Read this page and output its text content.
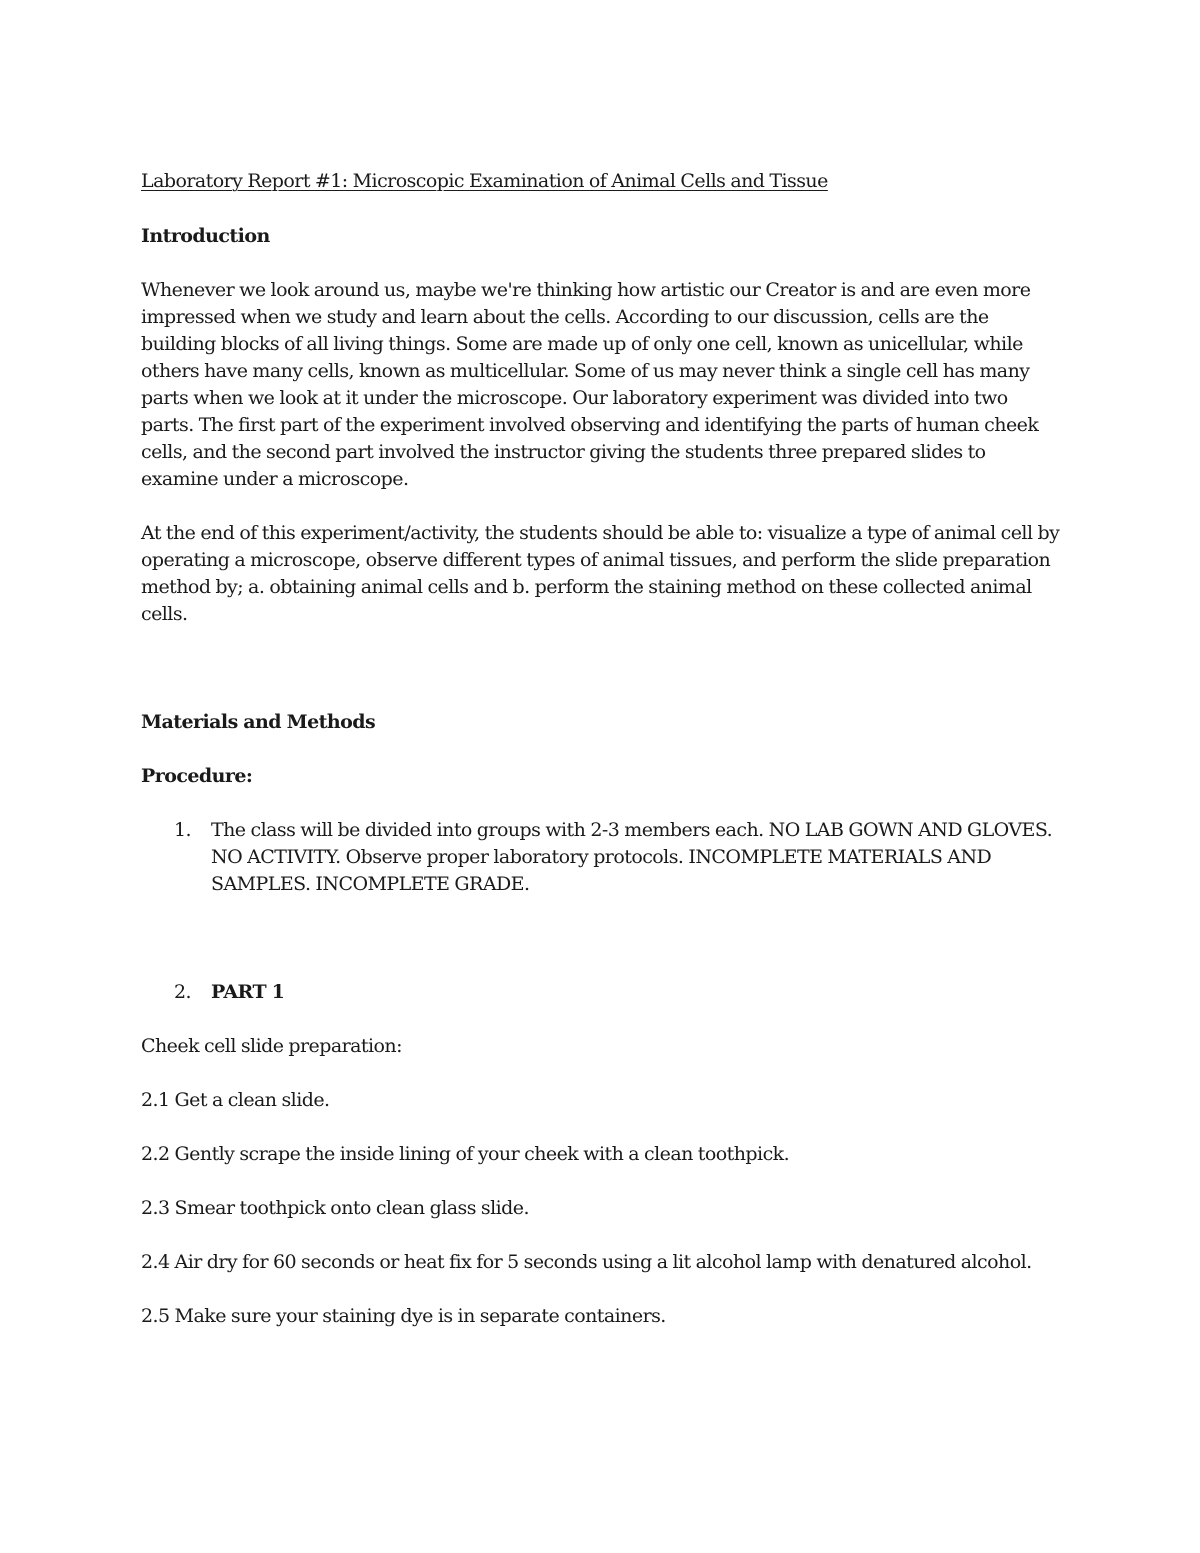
Laboratory Report #1: Microscopic Examination of Animal Cells and Tissue

Introduction

Whenever we look around us, maybe we're thinking how artistic our Creator is and are even more impressed when we study and learn about the cells. According to our discussion, cells are the building blocks of all living things. Some are made up of only one cell, known as unicellular, while others have many cells, known as multicellular. Some of us may never think a single cell has many parts when we look at it under the microscope. Our laboratory experiment was divided into two parts. The first part of the experiment involved observing and identifying the parts of human cheek cells, and the second part involved the instructor giving the students three prepared slides to examine under a microscope.

At the end of this experiment/activity, the students should be able to: visualize a type of animal cell by operating a microscope, observe different types of animal tissues, and perform the slide preparation method by; a. obtaining animal cells and b. perform the staining method on these collected animal cells.

Materials and Methods

Procedure:

1. The class will be divided into groups with 2-3 members each. NO LAB GOWN AND GLOVES. NO ACTIVITY. Observe proper laboratory protocols. INCOMPLETE MATERIALS AND SAMPLES. INCOMPLETE GRADE.
2. PART 1

Cheek cell slide preparation:

2.1 Get a clean slide.

2.2 Gently scrape the inside lining of your cheek with a clean toothpick.

2.3 Smear toothpick onto clean glass slide.

2.4 Air dry for 60 seconds or heat fix for 5 seconds using a lit alcohol lamp with denatured alcohol.

2.5 Make sure your staining dye is in separate containers.
